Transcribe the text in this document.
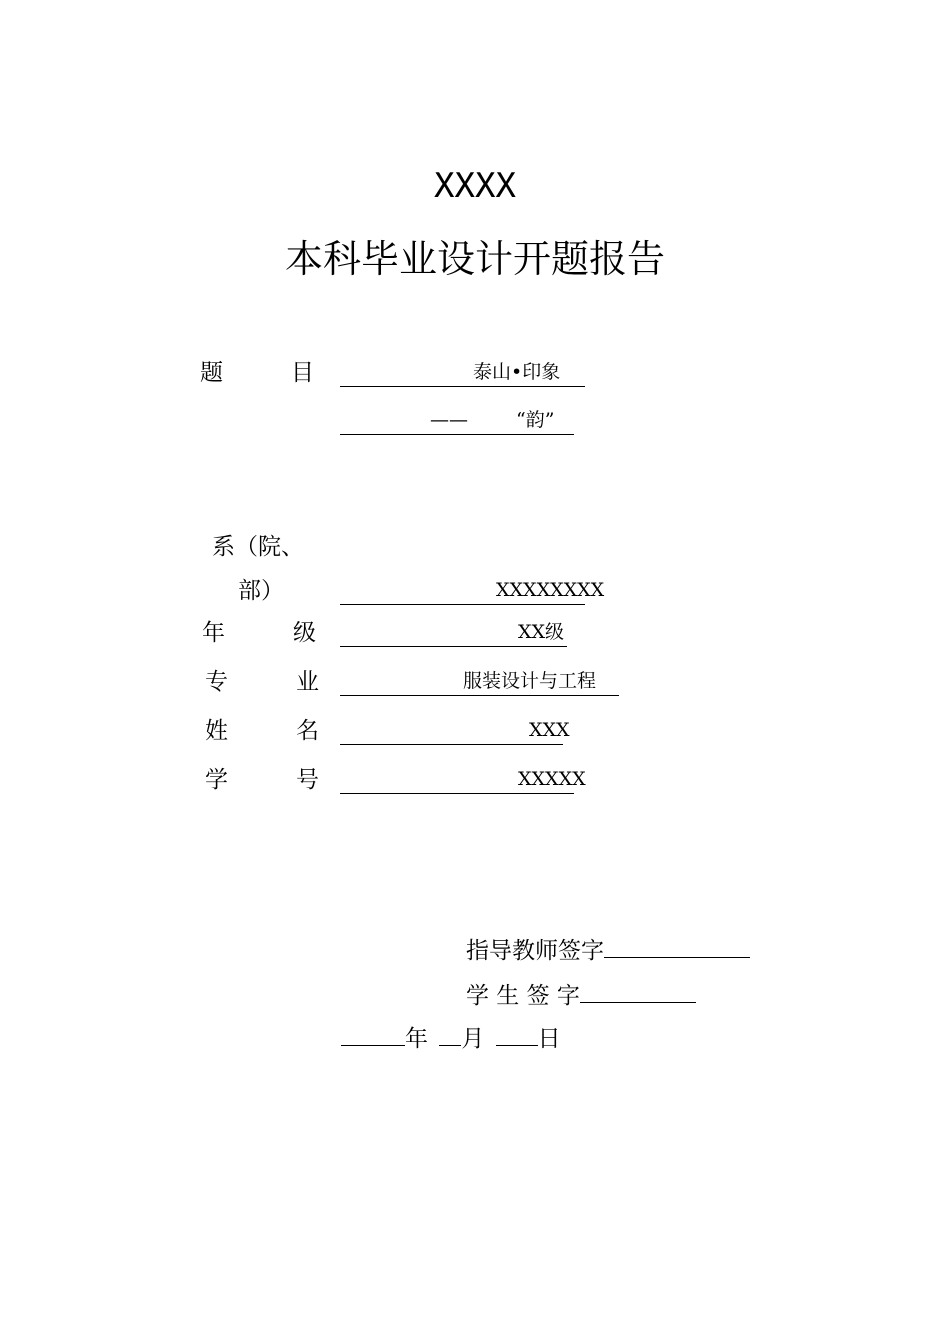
XXXX
本科毕业设计开题报告
题	目	泰山•印象
——	“韵”
系（院、
部）	XXXXXXXX
年	级	XX级
专	业	服装设计与工程
姓	名	XXX
学	号	XXXXX
指导教师签字
学 生 签 字
年 月 日
